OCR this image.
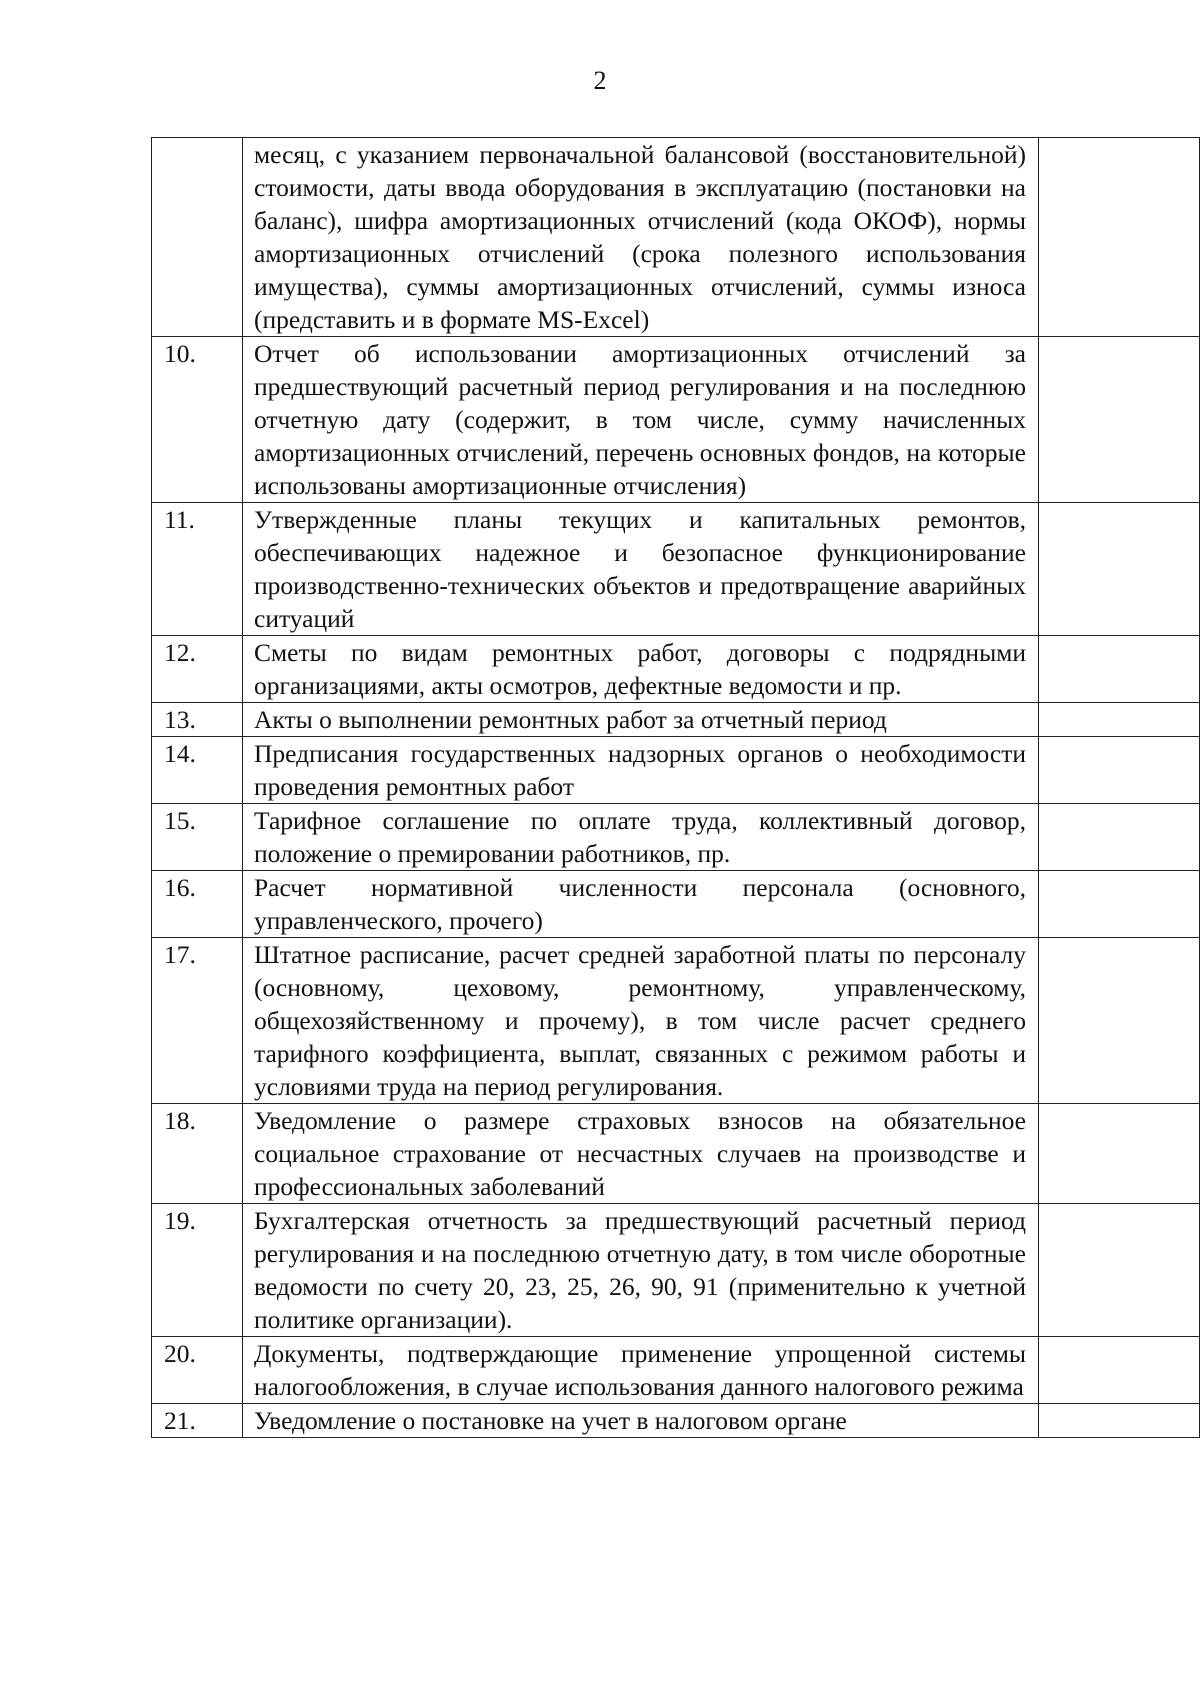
2
	месяц, с указанием первоначальной балансовой (восстановительной) стоимости, даты ввода оборудования в эксплуатацию (постановки на баланс), шифра амортизационных отчислений (кода ОКОФ), нормы амортизационных отчислений (срока полезного использования имущества), суммы амортизационных отчислений, суммы износа (представить и в формате MS-Excel)	
10.	Отчет об использовании амортизационных отчислений за предшествующий расчетный период регулирования и на последнюю отчетную дату (содержит, в том числе, сумму начисленных амортизационных отчислений, перечень основных фондов, на которые использованы амортизационные отчисления)	
11.	Утвержденные планы текущих и капитальных ремонтов, обеспечивающих надежное и безопасное функционирование производственно-технических объектов и предотвращение аварийных ситуаций	
12.	Сметы по видам ремонтных работ, договоры с подрядными организациями, акты осмотров, дефектные ведомости и пр.	
13.	Акты о выполнении ремонтных работ за отчетный период	
14.	Предписания государственных надзорных органов о необходимости проведения ремонтных работ	
15.	Тарифное соглашение по оплате труда, коллективный договор, положение о премировании работников, пр.	
16.	Расчет нормативной численности персонала (основного, управленческого, прочего)	
17.	Штатное расписание, расчет средней заработной платы по персоналу (основному, цеховому, ремонтному, управленческому, общехозяйственному и прочему), в том числе расчет среднего тарифного коэффициента, выплат, связанных с режимом работы и условиями труда на период регулирования.	
18.	Уведомление о размере страховых взносов на обязательное социальное страхование от несчастных случаев на производстве и профессиональных заболеваний	
19.	Бухгалтерская отчетность за предшествующий расчетный период регулирования и на последнюю отчетную дату, в том числе оборотные ведомости по счету 20, 23, 25, 26, 90, 91 (применительно к учетной политике организации).	
20.	Документы, подтверждающие применение упрощенной системы налогообложения, в случае использования данного налогового режима	
21.	Уведомление о постановке на учет в налоговом органе	
